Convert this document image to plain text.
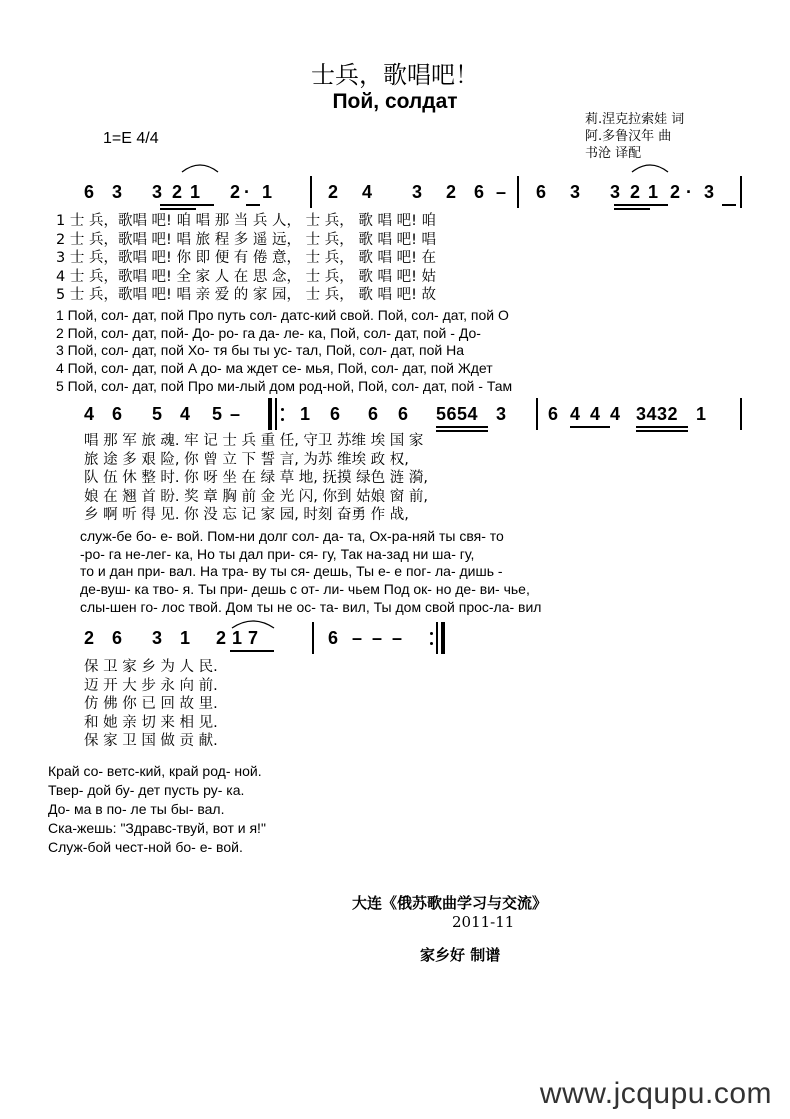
士兵，歌唱吧！
Пой, солдат
1=E 4/4
莉.涅克拉索娃 词
阿.多鲁汉年 曲
书沧 译配
6 3 3 2 1 2 · 1	2 4 3 2 6 –	6 3 3 2 1 2 · 3
1 士 兵，歌唱 吧! 咱 唱 那 当 兵 人， 士 兵， 歌 唱 吧! 咱
2 士 兵，歌唱 吧! 唱 旅 程 多 遥 远， 士 兵， 歌 唱 吧! 唱
3 士 兵，歌唱 吧! 你 即 便 有 倦 意， 士 兵， 歌 唱 吧! 在
4 士 兵，歌唱 吧! 全 家 人 在 思 念， 士 兵， 歌 唱 吧! 姑
5 士 兵，歌唱 吧! 唱 亲 爱 的 家 园， 士 兵， 歌 唱 吧! 故
1 Пой, сол- дат, пой Про путь сол- датс-кий свой. Пой, сол- дат, пой О
2 Пой, сол- дат, пой- До- ро- га да- ле- ка, Пой, сол- дат, пой - До-
3 Пой, сол- дат, пой Хо- тя бы ты ус- тал, Пой, сол- дат, пой На
4 Пой, сол- дат, пой А до- ма ждет се- мья, Пой, сол- дат, пой Ждет
5 Пой, сол- дат, пой Про ми-лый дом род-ной, Пой, сол- дат, пой - Там
4 6 5 4 5 –	1 6 6 6 5654 3	6 4 4 4 3432 1
唱 那 军 旅 魂. 牢 记 士 兵 重 任, 守卫 苏维 埃 国 家
旅 途 多 艰 险, 你 曾 立 下 誓 言, 为苏 维埃 政 权,
队 伍 休 整 时. 你 呀 坐 在 绿 草 地, 抚摸 绿色 涟 漪,
娘 在 翘 首 盼. 奖 章 胸 前 金 光 闪, 你到 姑娘 窗 前,
乡 啊 听 得 见. 你 没 忘 记 家 园, 时刻 奋勇 作 战,
служ-бе бо- е- вой. Пом-ни долг сол- да- та, Ох-ра-няй ты свя- то
-ро- га не-лег- ка, Но ты дал при- ся- гу, Так на-зад ни ша- гу,
то и дан при- вал. На тра- ву ты ся- дешь, Ты е- е пог- ла- дишь -
де-вуш- ка тво- я. Ты при- дешь с от- ли- чьем Под ок- но де- ви- чье,
слы-шен го- лос твой. Дом ты не ос- та- вил, Ты дом свой прос-ла- вил
2 6 3 1 2 1 7	6 – – –
保 卫 家 乡 为 人 民.
迈 开 大 步 永 向 前.
仿 佛 你 已 回 故 里.
和 她 亲 切 来 相 见.
保 家 卫 国 做 贡 献.
Край со- ветс-кий, край род- ной.
Твер- дой бу- дет пусть ру- ка.
До- ма в по- ле ты бы- вал.
Ска-жешь: "Здравс-твуй, вот и я!"
Служ-бой чест-ной бо- е- вой.
大连《俄苏歌曲学习与交流》
2011-11
家乡好 制谱
www.jcqupu.com
